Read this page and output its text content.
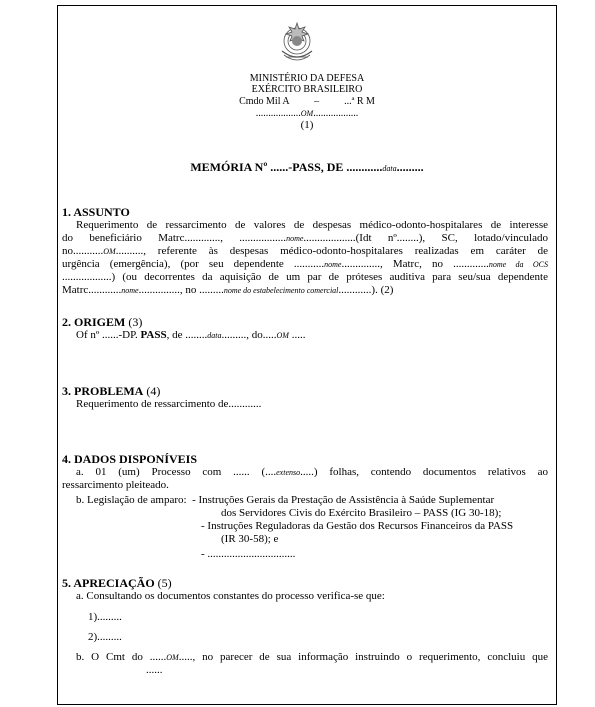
MINISTÉRIO DA DEFESA
EXÉRCITO BRASILEIRO
Cmdo Mil A          –          ...ª R M
..................OM..................
(1)
MEMÓRIA Nº ......-PASS, DE ............data.........
1. ASSUNTO
Requerimento de ressarcimento de valores de despesas médico-odonto-hospitalares de interesse
do beneficiário Matrc............., .................nome...................(Idt nº........), SC, lotado/vinculado
no...........OM..........,  referente  às  despesas  médico-odonto-hospitalares  realizadas  em  caráter  de
urgência (emergência), (por seu dependente ...........nome.............., Matrc, no .............nome da OCS
..................) (ou decorrentes da aquisição de um par de próteses auditiva para seu/sua dependente
Matrc............nome..............., no .........nome do estabelecimento comercial............). (2)
2. ORIGEM (3)
Of nº ......-DP. PASS, de ........data........., do.....OM .....
3. PROBLEMA (4)
Requerimento de ressarcimento de............
4. DADOS DISPONÍVEIS
a.  01  (um)  Processo  com  ......  (....extenso.....)  folhas,  contendo  documentos  relativos  ao
ressarcimento pleiteado.
b. Legislação de amparo:  - Instruções Gerais da Prestação de Assistência à Saúde Suplementar
dos Servidores Civis do Exército Brasileiro – PASS (IG 30-18);
- Instruções Reguladoras da Gestão dos Recursos Financeiros da PASS
(IR 30-58); e
- ................................
5. APRECIAÇÃO (5)
a. Consultando os documentos constantes do processo verifica-se que:
1).........
2).........
b. O Cmt do ......OM....., no parecer de sua informação instruindo o requerimento, concluiu que
......
